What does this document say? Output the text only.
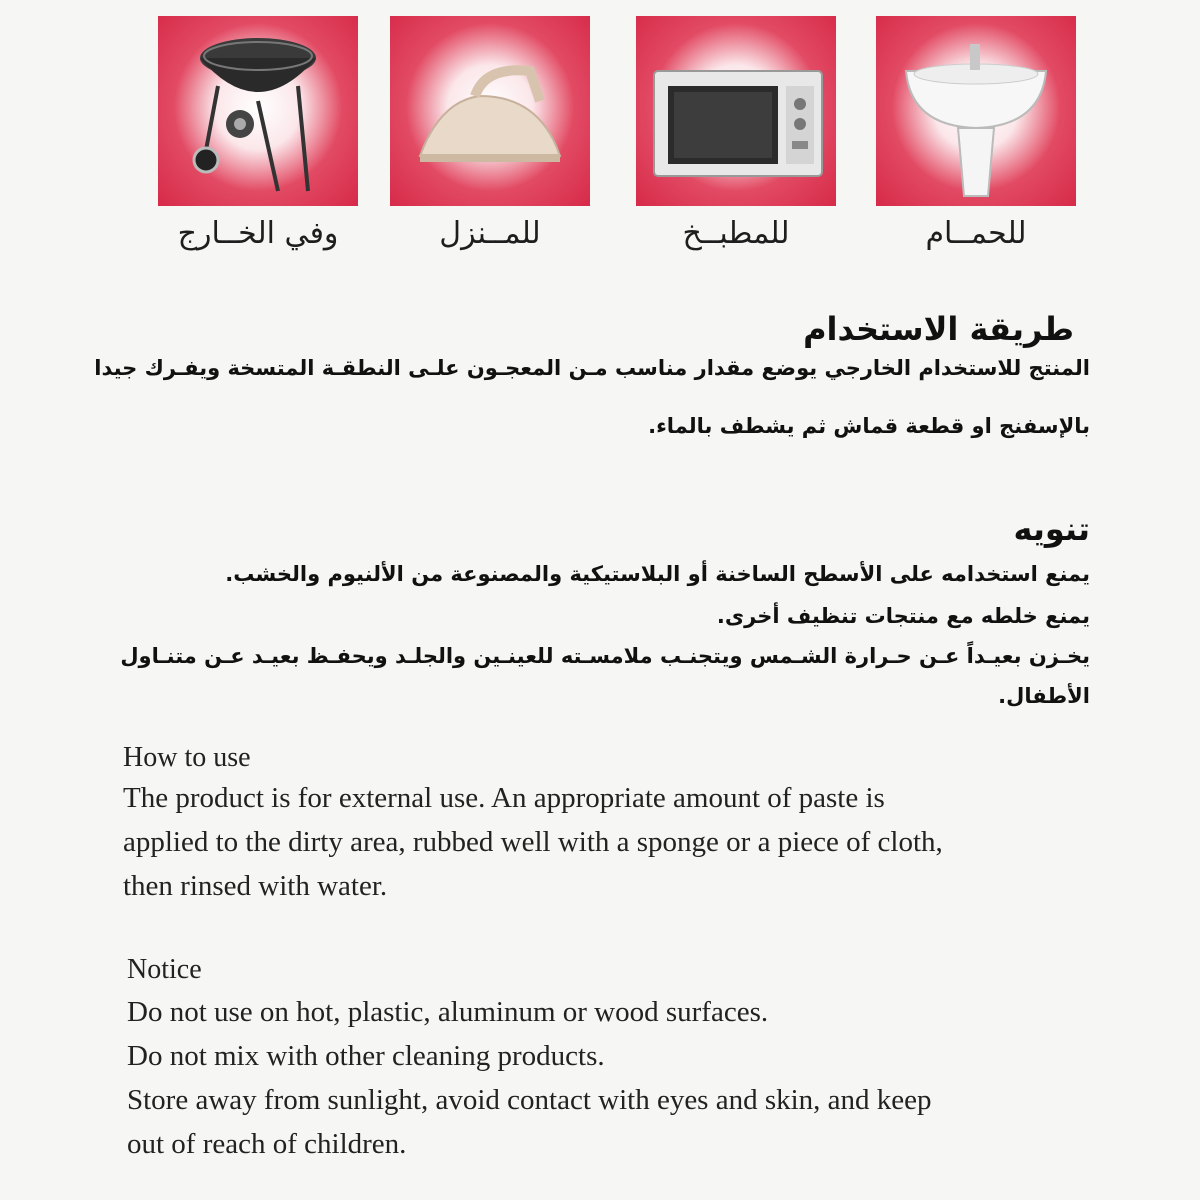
وفي الخــارج	للمــنزل	للمطبــخ	للحمــام
طريقة الاستخدام
المنتج للاستخدام الخارجي يوضع مقدار مناسب مـن المعجـون علـى النطقـة المتسخة ويفـرك جيدا
بالإسفنج او قطعة قماش ثم يشطف بالماء.
تنويه
يمنع استخدامه على الأسطح الساخنة أو البلاستيكية والمصنوعة من الألنيوم والخشب.
يمنع خلطه مع منتجات تنظيف أخرى.
يخـزن بعيـداً عـن حـرارة الشـمس ويتجنـب ملامسـته للعينـين والجلـد ويحفـظ بعيـد عـن متنـاول
الأطفال.
How to use
The product is for external use. An appropriate amount of paste is
applied to the dirty area, rubbed well with a sponge or a piece of cloth,
then rinsed with water.
Notice
Do not use on hot, plastic, aluminum or wood surfaces.
Do not mix with other cleaning products.
Store away from sunlight, avoid contact with eyes and skin, and keep
out of reach of children.
